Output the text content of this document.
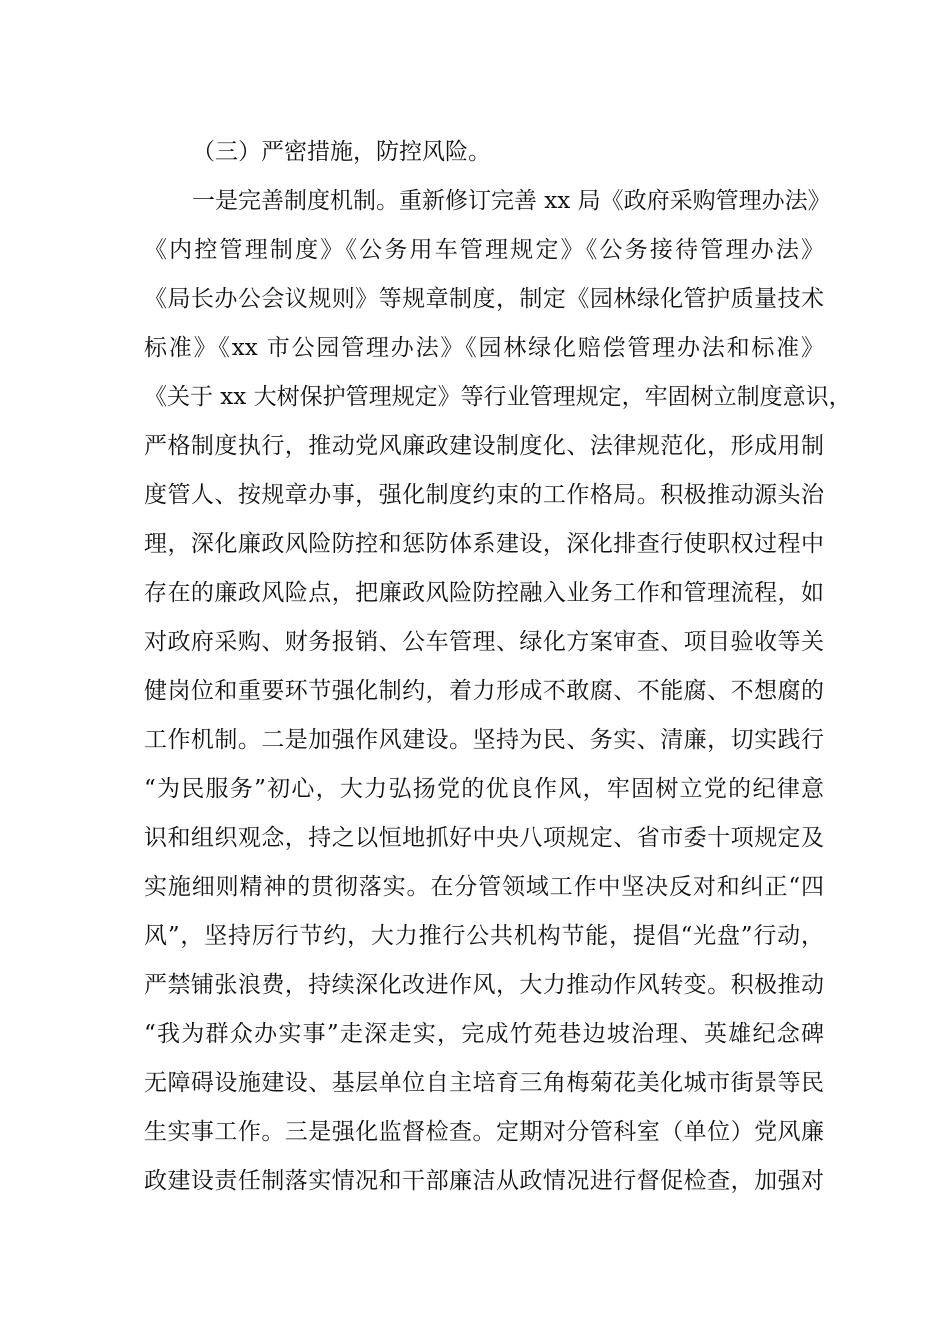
（三）严密措施，防控风险。
一是完善制度机制。重新修订完善 xx 局《政府采购管理办法》
《内控管理制度》《公务用车管理规定》《公务接待管理办法》
《局长办公会议规则》等规章制度，制定《园林绿化管护质量技术
标准》《xx 市公园管理办法》《园林绿化赔偿管理办法和标准》
《关于 xx 大树保护管理规定》等行业管理规定，牢固树立制度意识，
严格制度执行，推动党风廉政建设制度化、法律规范化，形成用制
度管人、按规章办事，强化制度约束的工作格局。积极推动源头治
理，深化廉政风险防控和惩防体系建设，深化排查行使职权过程中
存在的廉政风险点，把廉政风险防控融入业务工作和管理流程，如
对政府采购、财务报销、公车管理、绿化方案审查、项目验收等关
健岗位和重要环节强化制约，着力形成不敢腐、不能腐、不想腐的
工作机制。二是加强作风建设。坚持为民、务实、清廉，切实践行
“为民服务”初心，大力弘扬党的优良作风，牢固树立党的纪律意
识和组织观念，持之以恒地抓好中央八项规定、省市委十项规定及
实施细则精神的贯彻落实。在分管领域工作中坚决反对和纠正“四
风”，坚持厉行节约，大力推行公共机构节能，提倡“光盘”行动，
严禁铺张浪费，持续深化改进作风，大力推动作风转变。积极推动
“我为群众办实事”走深走实，完成竹苑巷边坡治理、英雄纪念碑
无障碍设施建设、基层单位自主培育三角梅菊花美化城市街景等民
生实事工作。三是强化监督检查。定期对分管科室（单位）党风廉
政建设责任制落实情况和干部廉洁从政情况进行督促检查，加强对
